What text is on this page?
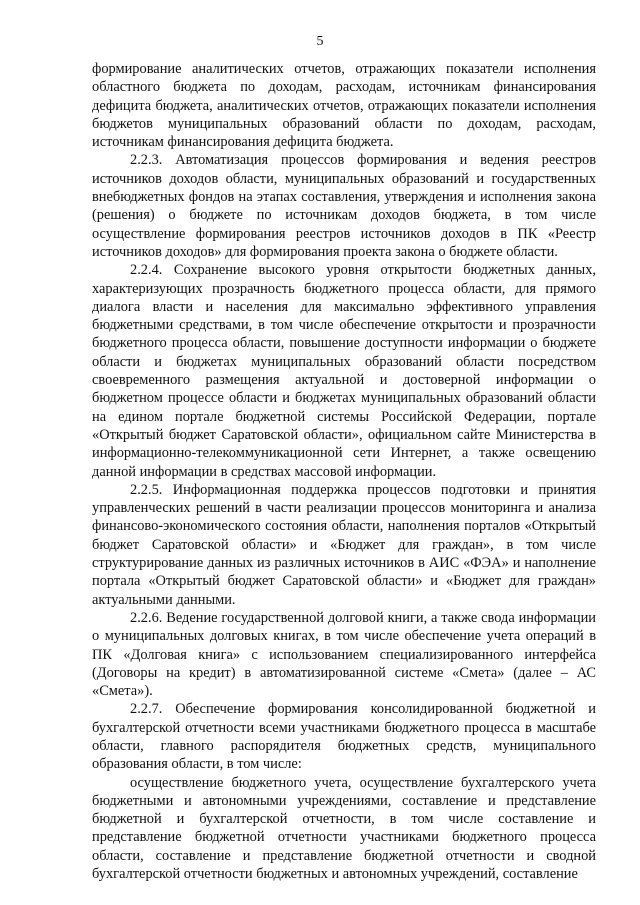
5

формирование аналитических отчетов, отражающих показатели исполнения областного бюджета по доходам, расходам, источникам финансирования дефицита бюджета, аналитических отчетов, отражающих показатели исполнения бюджетов муниципальных образований области по доходам, расходам, источникам финансирования дефицита бюджета.

2.2.3. Автоматизация процессов формирования и ведения реестров источников доходов области, муниципальных образований и государственных внебюджетных фондов на этапах составления, утверждения и исполнения закона (решения) о бюджете по источникам доходов бюджета, в том числе осуществление формирования реестров источников доходов в ПК «Реестр источников доходов» для формирования проекта закона о бюджете области.

2.2.4. Сохранение высокого уровня открытости бюджетных данных, характеризующих прозрачность бюджетного процесса области, для прямого диалога власти и населения для максимально эффективного управления бюджетными средствами, в том числе обеспечение открытости и прозрачности бюджетного процесса области, повышение доступности информации о бюджете области и бюджетах муниципальных образований области посредством своевременного размещения актуальной и достоверной информации о бюджетном процессе области и бюджетах муниципальных образований области на едином портале бюджетной системы Российской Федерации, портале «Открытый бюджет Саратовской области», официальном сайте Министерства в информационно-телекоммуникационной сети Интернет, а также освещению данной информации в средствах массовой информации.

2.2.5. Информационная поддержка процессов подготовки и принятия управленческих решений в части реализации процессов мониторинга и анализа финансово-экономического состояния области, наполнения порталов «Открытый бюджет Саратовской области» и «Бюджет для граждан», в том числе структурирование данных из различных источников в АИС «ФЭА» и наполнение портала «Открытый бюджет Саратовской области» и «Бюджет для граждан» актуальными данными.

2.2.6. Ведение государственной долговой книги, а также свода информации о муниципальных долговых книгах, в том числе обеспечение учета операций в ПК «Долговая книга» с использованием специализированного интерфейса (Договоры на кредит) в автоматизированной системе «Смета» (далее – АС «Смета»).

2.2.7. Обеспечение формирования консолидированной бюджетной и бухгалтерской отчетности всеми участниками бюджетного процесса в масштабе области, главного распорядителя бюджетных средств, муниципального образования области, в том числе:

осуществление бюджетного учета, осуществление бухгалтерского учета бюджетными и автономными учреждениями, составление и представление бюджетной и бухгалтерской отчетности, в том числе составление и представление бюджетной отчетности участниками бюджетного процесса области, составление и представление бюджетной отчетности и сводной бухгалтерской отчетности бюджетных и автономных учреждений, составление
